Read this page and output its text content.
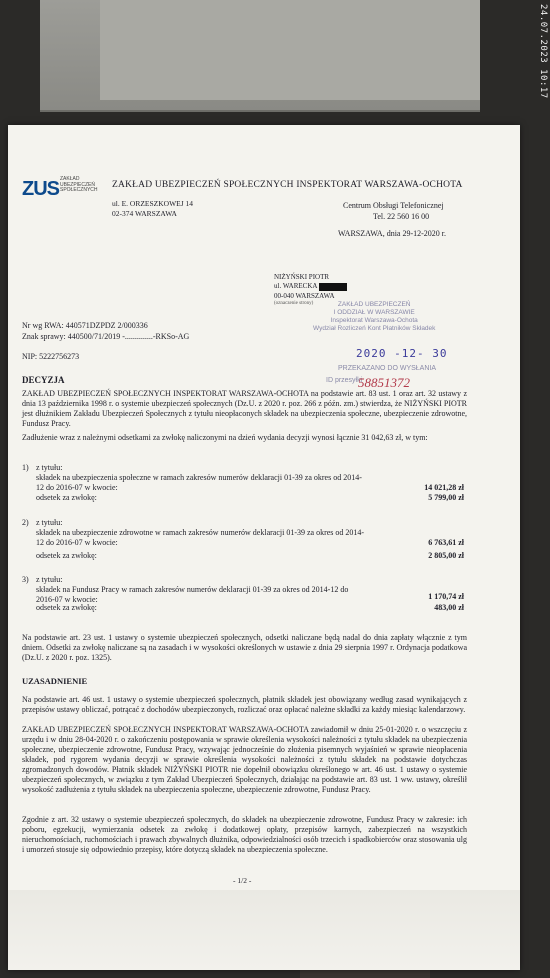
24.07.2023 10:17
ZUS ZAKŁAD UBEZPIECZEŃ SPOŁECZNYCH ZAKŁAD UBEZPIECZEŃ SPOŁECZNYCH INSPEKTORAT WARSZAWA-OCHOTA
ul. E. ORZESZKOWEJ 14
02-374 WARSZAWA
Centrum Obsługi Telefonicznej
Tel. 22 560 16 00
WARSZAWA, dnia 29-12-2020 r.
NIŻYŃSKI PIOTR
ul. WARECKA
00-040 WARSZAWA
(oznaczenie strony)	ZAKŁAD UBEZPIECZEŃ
I ODDZIAŁ W WARSZAWIE
Inspektorat Warszawa-Ochota
Wydział Rozliczeń Kont Płatników Składek
2020 -12- 30
PRZEKAZANO DO WYSŁANIA
ID przesyłki
58851372
Nr wg RWA: 440571DZPDZ 2/000336
Znak sprawy: 440500/71/2019 -..............-RKSo-AG
NIP: 5222756273
DECYZJA
ZAKŁAD UBEZPIECZEŃ SPOŁECZNYCH INSPEKTORAT WARSZAWA-OCHOTA na podstawie art. 83 ust. 1 oraz art. 32 ustawy z dnia 13 października 1998 r. o systemie ubezpieczeń społecznych (Dz.U. z 2020 r. poz. 266 z późn. zm.) stwierdza, że NIŻYŃSKI PIOTR jest dłużnikiem Zakładu Ubezpieczeń Społecznych z tytułu nieopłaconych składek na ubezpieczenia społeczne, ubezpieczenie zdrowotne, Fundusz Pracy.
Zadłużenie wraz z należnymi odsetkami za zwłokę naliczonymi na dzień wydania decyzji wynosi łącznie 31 042,63 zł, w tym:
1) z tytułu:
składek na ubezpieczenia społeczne w ramach zakresów numerów deklaracji 01-39 za okres od 2014-12 do 2016-07 w kwocie:	14 021,28 zł
odsetek za zwłokę:	5 799,00 zł
2) z tytułu:
składek na ubezpieczenie zdrowotne w ramach zakresów numerów deklaracji 01-39 za okres od 2014-12 do 2016-07 w kwocie:	6 763,61 zł
odsetek za zwłokę:	2 805,00 zł
3) z tytułu:
składek na Fundusz Pracy w ramach zakresów numerów deklaracji 01-39 za okres od 2014-12 do 2016-07 w kwocie:	1 170,74 zł
odsetek za zwłokę:	483,00 zł
Na podstawie art. 23 ust. 1 ustawy o systemie ubezpieczeń społecznych, odsetki naliczane będą nadal do dnia zapłaty włącznie z tym dniem. Odsetki za zwłokę naliczane są na zasadach i w wysokości określonych w ustawie z dnia 29 sierpnia 1997 r. Ordynacja podatkowa (Dz.U. z 2020 r. poz. 1325).
UZASADNIENIE
Na podstawie art. 46 ust. 1 ustawy o systemie ubezpieczeń społecznych, płatnik składek jest obowiązany według zasad wynikających z przepisów ustawy obliczać, potrącać z dochodów ubezpieczonych, rozliczać oraz opłacać należne składki za każdy miesiąc kalendarzowy.
ZAKŁAD UBEZPIECZEŃ SPOŁECZNYCH INSPEKTORAT WARSZAWA-OCHOTA zawiadomił w dniu 25-01-2020 r. o wszczęciu z urzędu i w dniu 28-04-2020 r. o zakończeniu postępowania w sprawie określenia wysokości należności z tytułu składek na ubezpieczenia społeczne, ubezpieczenie zdrowotne, Fundusz Pracy, wzywając jednocześnie do złożenia pisemnych wyjaśnień w sprawie nieopłacenia składek, pod rygorem wydania decyzji w sprawie określenia wysokości należności z tytułu składek na podstawie dotychczas zgromadzonych dowodów. Płatnik składek NIŻYŃSKI PIOTR nie dopełnił obowiązku określonego w art. 46 ust. 1 ustawy o systemie ubezpieczeń społecznych, w związku z tym Zakład Ubezpieczeń Społecznych, działając na podstawie art. 83 ust. 1 ww. ustawy, określił wysokość zadłużenia z tytułu składek na ubezpieczenia społeczne, ubezpieczenie zdrowotne, Fundusz Pracy.
Zgodnie z art. 32 ustawy o systemie ubezpieczeń społecznych, do składek na ubezpieczenie zdrowotne, Fundusz Pracy w zakresie: ich poboru, egzekucji, wymierzania odsetek za zwłokę i dodatkowej opłaty, przepisów karnych, zabezpieczeń na wszystkich nieruchomościach, ruchomościach i prawach zbywalnych dłużnika, odpowiedzialności osób trzecich i spadkobierców oraz stosowania ulg i umorzeń stosuje się odpowiednio przepisy, które dotyczą składek na ubezpieczenia społeczne.
- 1/2 -
